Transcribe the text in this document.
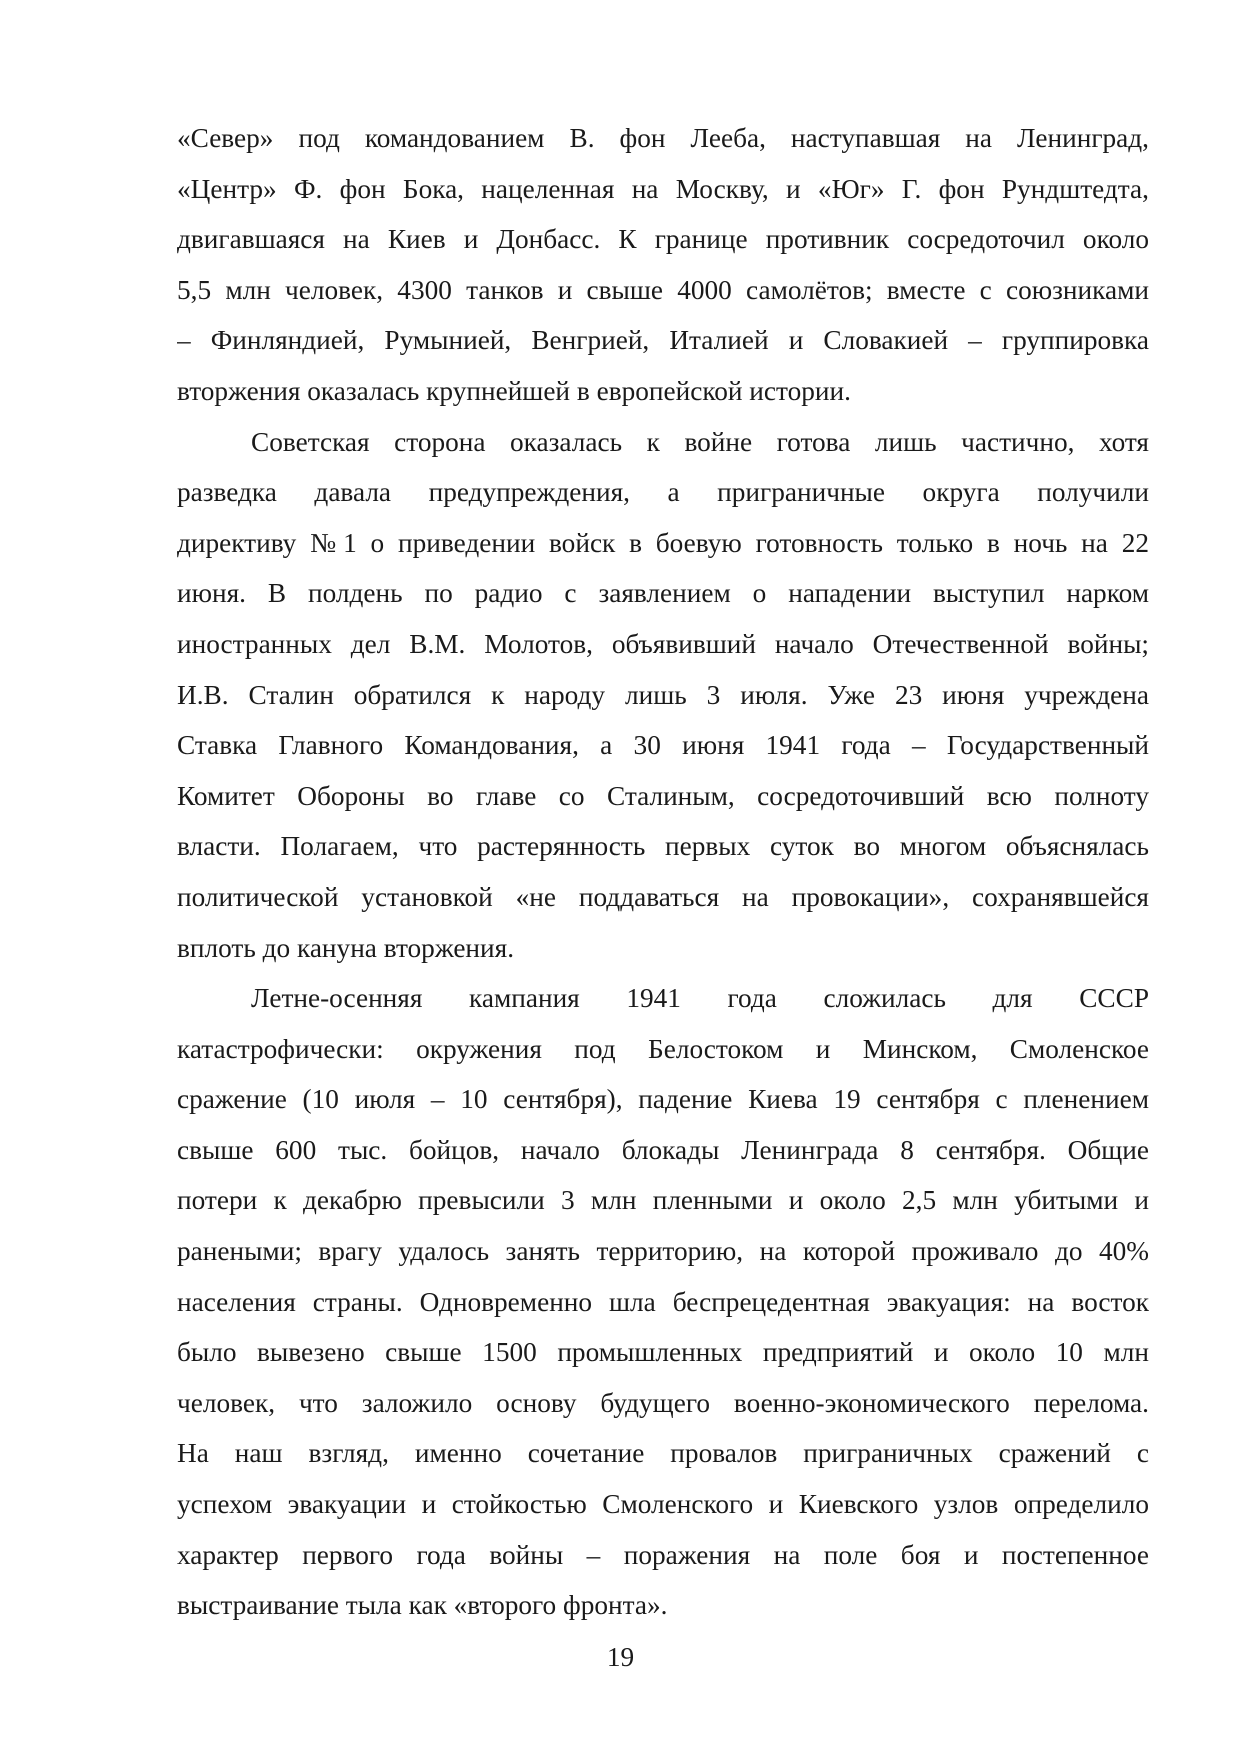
«Север» под командованием В. фон Лееба, наступавшая на Ленинград,
«Центр» Ф. фон Бока, нацеленная на Москву, и «Юг» Г. фон Рундштедта,
двигавшаяся на Киев и Донбасс. К границе противник сосредоточил около
5,5 млн человек, 4300 танков и свыше 4000 самолётов; вместе с союзниками
– Финляндией, Румынией, Венгрией, Италией и Словакией – группировка
вторжения оказалась крупнейшей в европейской истории.
Советская сторона оказалась к войне готова лишь частично, хотя
разведка давала предупреждения, а приграничные округа получили
директиву №1 о приведении войск в боевую готовность только в ночь на 22
июня. В полдень по радио с заявлением о нападении выступил нарком
иностранных дел В.М. Молотов, объявивший начало Отечественной войны;
И.В. Сталин обратился к народу лишь 3 июля. Уже 23 июня учреждена
Ставка Главного Командования, а 30 июня 1941 года – Государственный
Комитет Обороны во главе со Сталиным, сосредоточивший всю полноту
власти. Полагаем, что растерянность первых суток во многом объяснялась
политической установкой «не поддаваться на провокации», сохранявшейся
вплоть до кануна вторжения.
Летне-осенняя кампания 1941 года сложилась для СССР
катастрофически: окружения под Белостоком и Минском, Смоленское
сражение (10 июля – 10 сентября), падение Киева 19 сентября с пленением
свыше 600 тыс. бойцов, начало блокады Ленинграда 8 сентября. Общие
потери к декабрю превысили 3 млн пленными и около 2,5 млн убитыми и
ранеными; врагу удалось занять территорию, на которой проживало до 40%
населения страны. Одновременно шла беспрецедентная эвакуация: на восток
было вывезено свыше 1500 промышленных предприятий и около 10 млн
человек, что заложило основу будущего военно-экономического перелома.
На наш взгляд, именно сочетание провалов приграничных сражений с
успехом эвакуации и стойкостью Смоленского и Киевского узлов определило
характер первого года войны – поражения на поле боя и постепенное
выстраивание тыла как «второго фронта».
19
